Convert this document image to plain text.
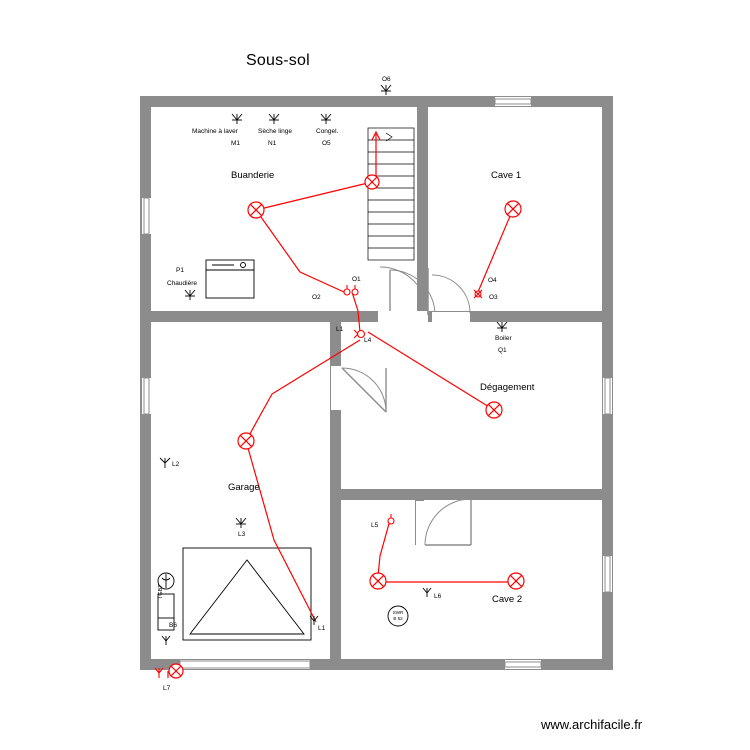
Sous-sol
www.archifacile.fr
SWR
B 52
Buanderie	Cave 1
Dégagement
Garage
Cave 2
Machine à laver
M1
Sèche linge
N1
Congel.
O5
O6
P1
Chaudière
O1
O2
O4
O3
L1
L4	Boiler
Q1
L2
L3
L5
L6
L1
B6
L7
TGBT
